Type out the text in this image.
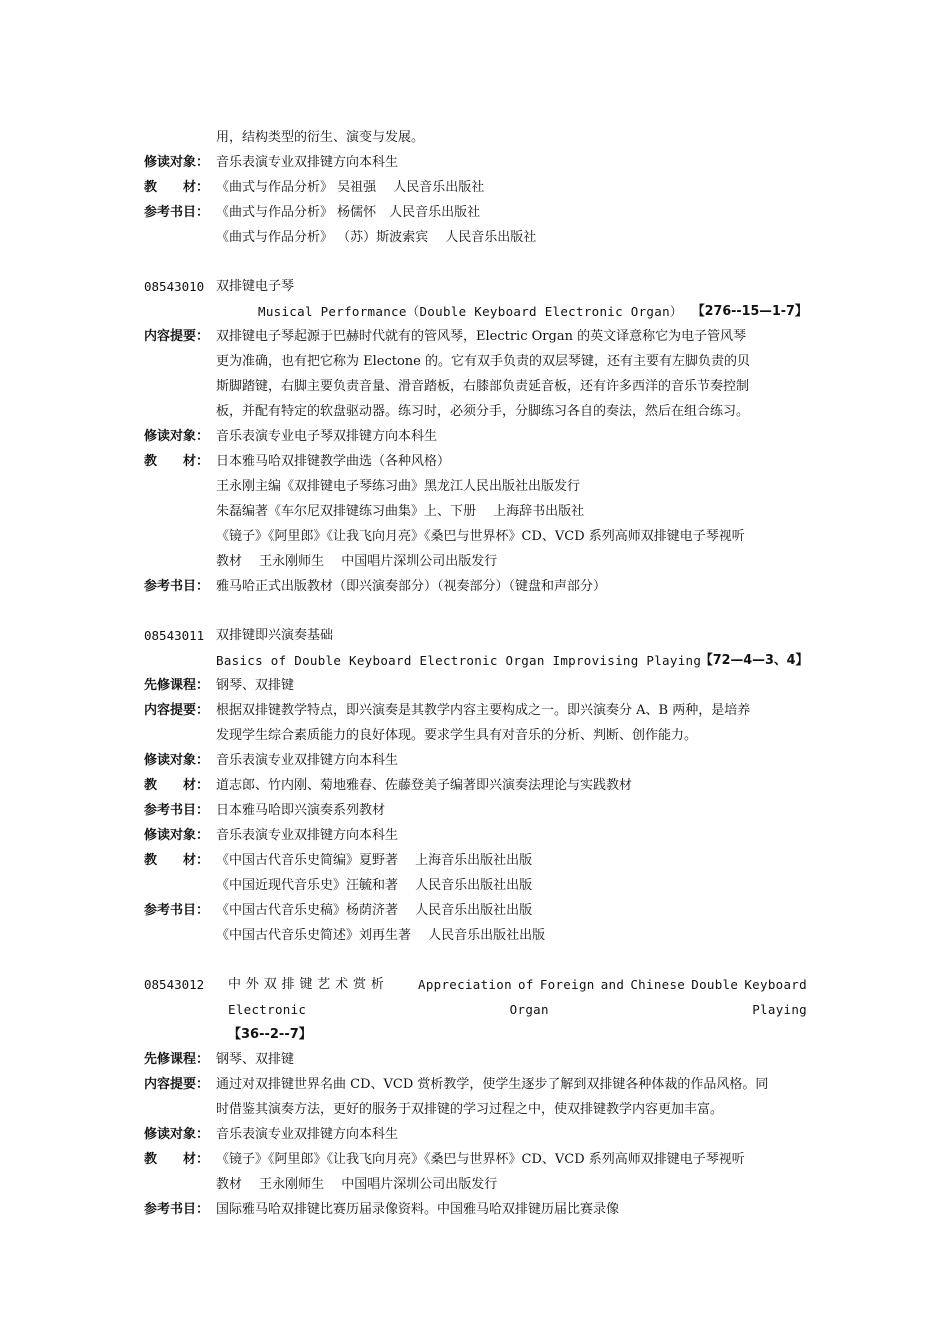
用，结构类型的衍生、演变与发展。
修读对象： 音乐表演专业双排键方向本科生
教　　材： 《曲式与作品分析》 吴祖强　 人民音乐出版社
参考书目： 《曲式与作品分析》 杨儒怀　人民音乐出版社
《曲式与作品分析》 （苏）斯波索宾　 人民音乐出版社
08543010 双排键电子琴
Musical Performance（Double Keyboard Electronic Organ） 【276--15—1-7】
内容提要： 双排键电子琴起源于巴赫时代就有的管风琴，Electric Organ 的英文译意称它为电子管风琴
更为准确，也有把它称为 Electone 的。它有双手负责的双层琴键，还有主要有左脚负责的贝
斯脚踏键，右脚主要负责音量、滑音踏板，右膝部负责延音板，还有许多西洋的音乐节奏控制
板，并配有特定的软盘驱动器。练习时，必须分手，分脚练习各自的奏法，然后在组合练习。
修读对象： 音乐表演专业电子琴双排键方向本科生
教　　材： 日本雅马哈双排键教学曲选（各种风格）
王永刚主编《双排键电子琴练习曲》黑龙江人民出版社出版发行
朱磊编著《车尔尼双排键练习曲集》上、下册　 上海辞书出版社
《镜子》《阿里郎》《让我飞向月亮》《桑巴与世界杯》CD、VCD 系列高师双排键电子琴视听
教材　 王永刚师生　 中国唱片深圳公司出版发行
参考书目： 雅马哈正式出版教材（即兴演奏部分）（视奏部分）（键盘和声部分）
08543011 双排键即兴演奏基础
Basics of Double Keyboard Electronic Organ Improvising Playing
【72—4—3、4】
先修课程： 钢琴、双排键
内容提要： 根据双排键教学特点，即兴演奏是其教学内容主要构成之一。即兴演奏分 A、B 两种，是培养
发现学生综合素质能力的良好体现。要求学生具有对音乐的分析、判断、创作能力。
修读对象： 音乐表演专业双排键方向本科生
教　　材： 道志郎、竹内刚、菊地雅春、佐藤登美子编著即兴演奏法理论与实践教材
参考书目： 日本雅马哈即兴演奏系列教材
修读对象： 音乐表演专业双排键方向本科生
教　　材： 《中国古代音乐史简编》夏野著　 上海音乐出版社出版
《中国近现代音乐史》汪毓和著　 人民音乐出版社出版
参考书目： 《中国古代音乐史稿》杨荫济著　 人民音乐出版社出版
《中国古代音乐史简述》刘再生著　 人民音乐出版社出版
08543012 中 外 双 排 键 艺 术 赏 析	Appreciation of Foreign and Chinese Double Keyboard
Electronic	Organ	Playing
【36--2--7】
先修课程： 钢琴、双排键
内容提要： 通过对双排键世界名曲 CD、VCD 赏析教学，使学生逐步了解到双排键各种体裁的作品风格。同
时借鉴其演奏方法，更好的服务于双排键的学习过程之中，使双排键教学内容更加丰富。
修读对象： 音乐表演专业双排键方向本科生
教　　材： 《镜子》《阿里郎》《让我飞向月亮》《桑巴与世界杯》CD、VCD 系列高师双排键电子琴视听
教材　 王永刚师生　 中国唱片深圳公司出版发行
参考书目： 国际雅马哈双排键比赛历届录像资料。中国雅马哈双排键历届比赛录像
